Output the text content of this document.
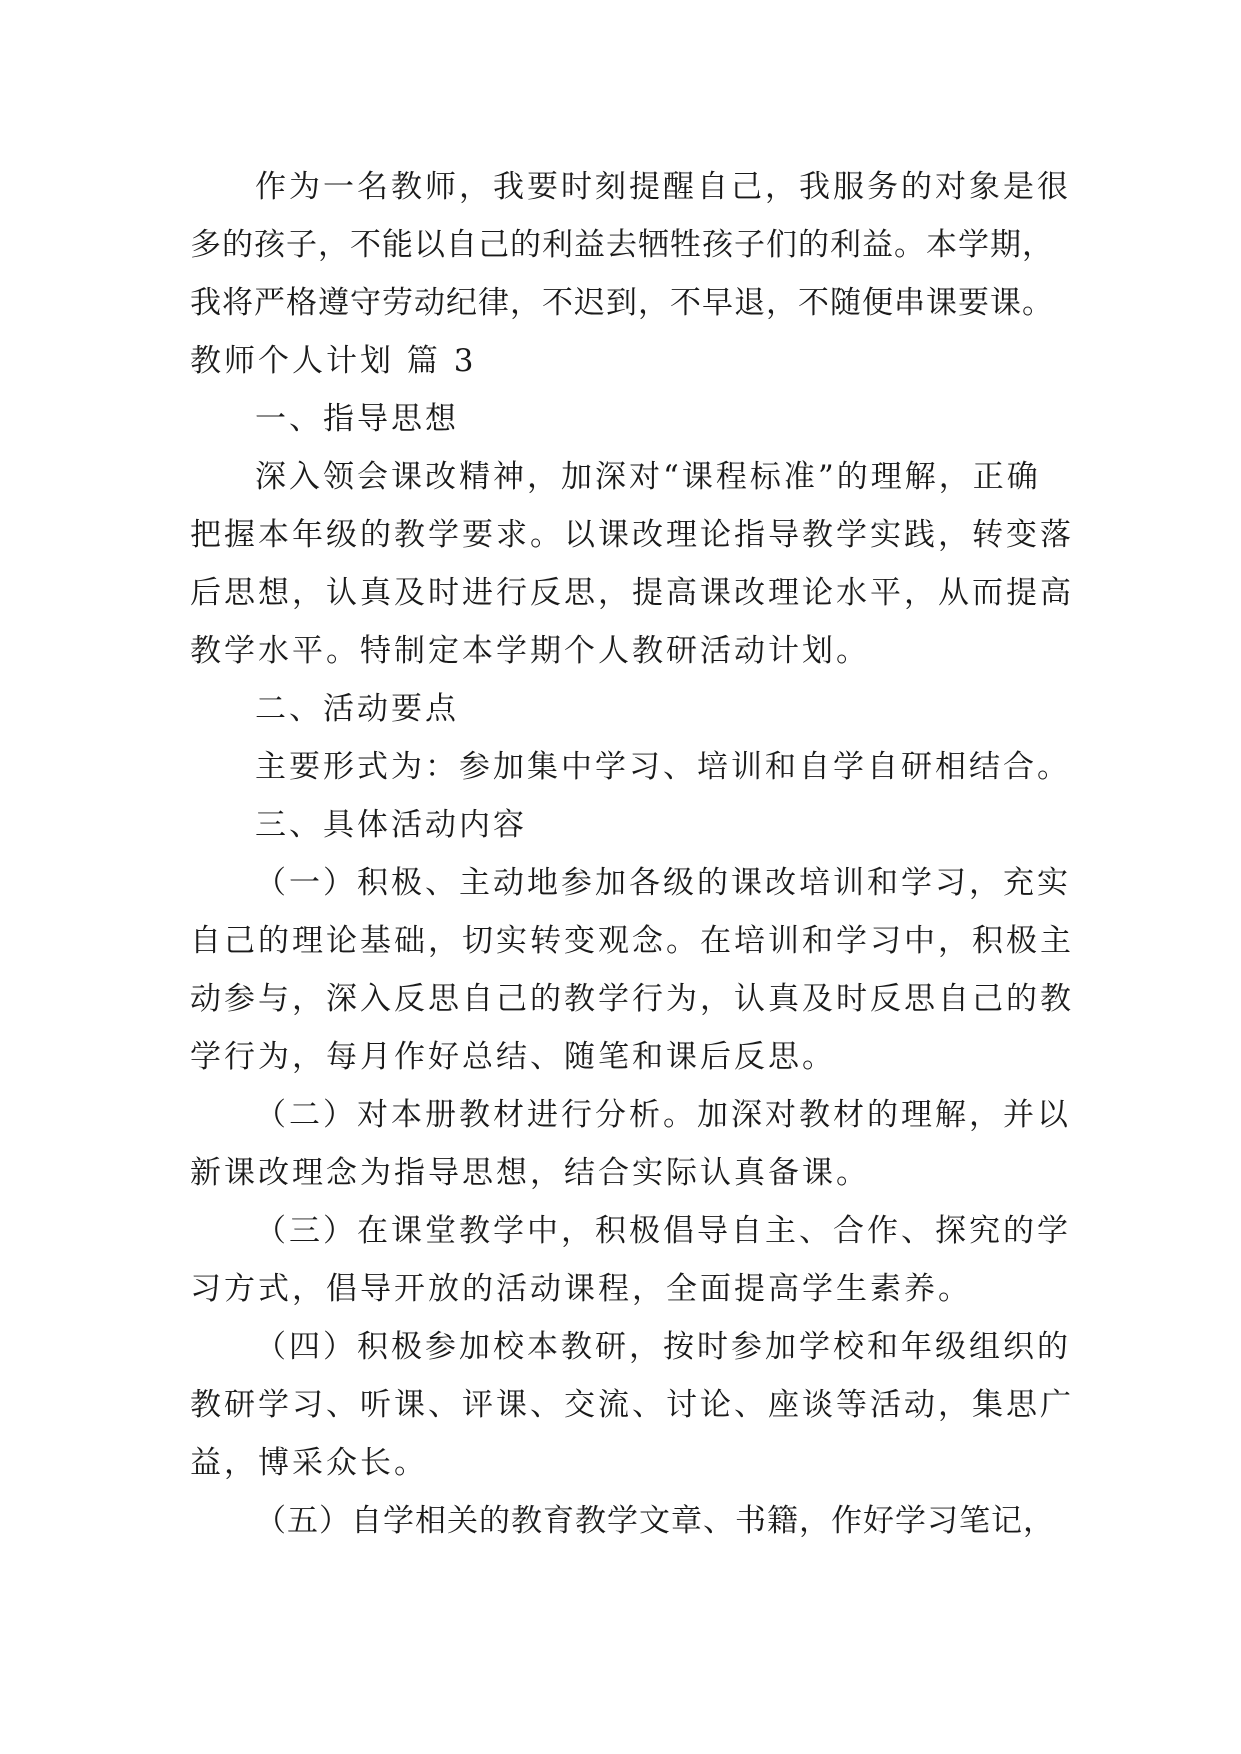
作为一名教师，我要时刻提醒自己，我服务的对象是很
多的孩子，不能以自己的利益去牺牲孩子们的利益。本学期，
我将严格遵守劳动纪律，不迟到，不早退，不随便串课要课。
教师个人计划 篇 3
一、指导思想
深入领会课改精神，加深对“课程标准”的理解，正确
把握本年级的教学要求。以课改理论指导教学实践，转变落
后思想，认真及时进行反思，提高课改理论水平，从而提高
教学水平。特制定本学期个人教研活动计划。
二、活动要点
主要形式为：参加集中学习、培训和自学自研相结合。
三、具体活动内容
（一）积极、主动地参加各级的课改培训和学习，充实
自己的理论基础，切实转变观念。在培训和学习中，积极主
动参与，深入反思自己的教学行为，认真及时反思自己的教
学行为，每月作好总结、随笔和课后反思。
（二）对本册教材进行分析。加深对教材的理解，并以
新课改理念为指导思想，结合实际认真备课。
（三）在课堂教学中，积极倡导自主、合作、探究的学
习方式，倡导开放的活动课程，全面提高学生素养。
（四）积极参加校本教研，按时参加学校和年级组织的
教研学习、听课、评课、交流、讨论、座谈等活动，集思广
益，博采众长。
（五）自学相关的教育教学文章、书籍，作好学习笔记，
